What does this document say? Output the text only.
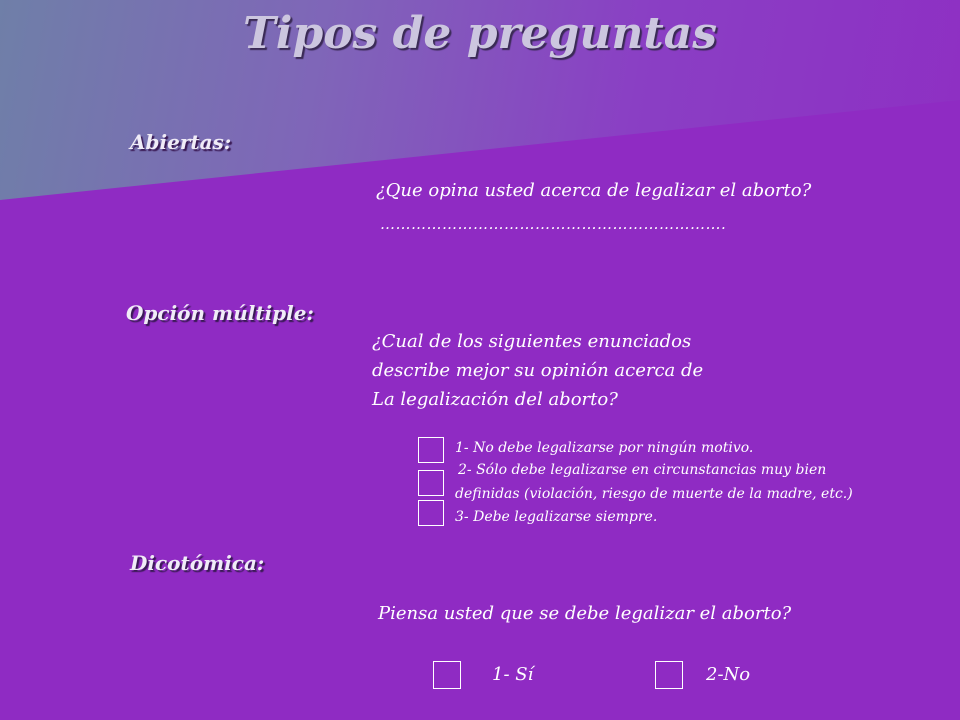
Tipos de preguntas
Abiertas:
¿Que opina usted acerca de legalizar el aborto?
………………………………………………………….
Opción múltiple:
¿Cual de los siguientes enunciados
describe mejor su opinión acerca de
La legalización del aborto?
1- No debe legalizarse por ningún motivo.
2- Sólo debe legalizarse en circunstancias muy bien
definidas (violación, riesgo de muerte de la madre, etc.)
3- Debe legalizarse siempre.
Dicotómica:
Piensa usted que se debe legalizar el aborto?
1- Sí	2-No
